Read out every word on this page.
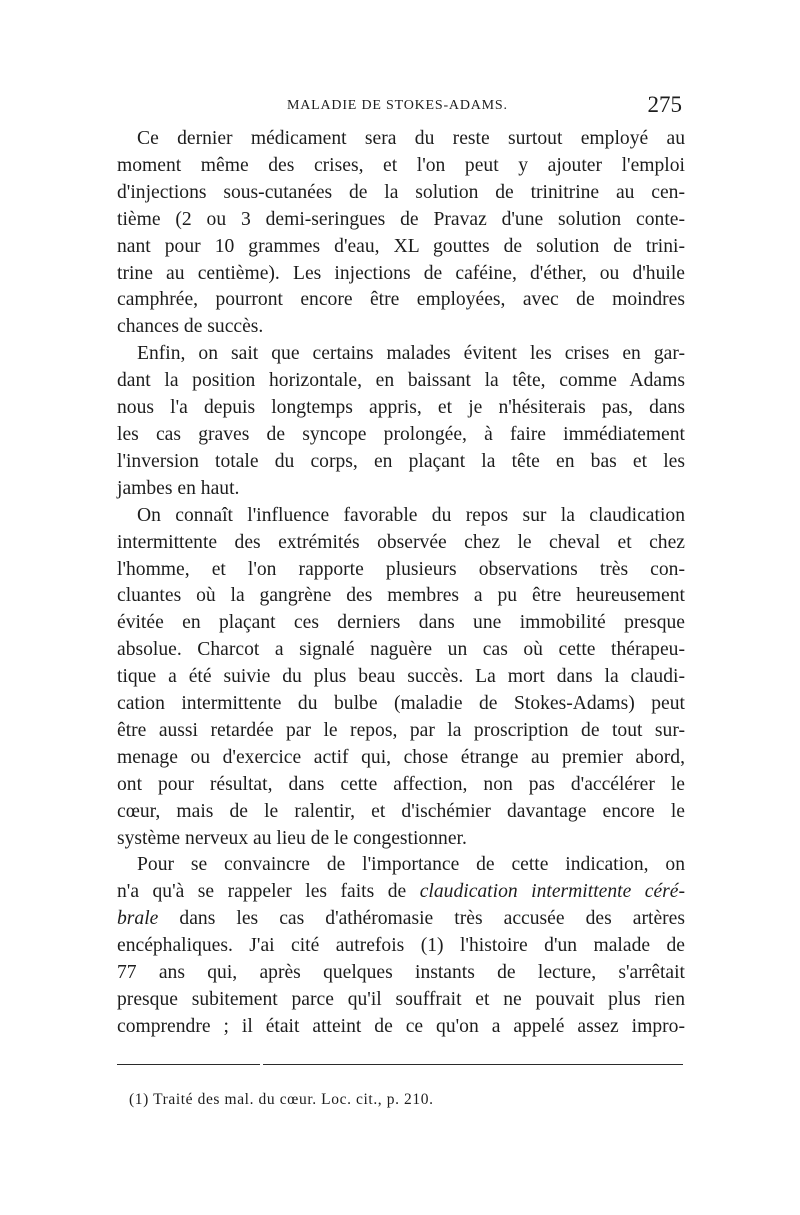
MALADIE DE STOKES-ADAMS.	275
Ce dernier médicament sera du reste surtout employé au
moment même des crises, et l'on peut y ajouter l'emploi
d'injections sous-cutanées de la solution de trinitrine au cen-
tième (2 ou 3 demi-seringues de Pravaz d'une solution conte-
nant pour 10 grammes d'eau, XL gouttes de solution de trini-
trine au centième). Les injections de caféine, d'éther, ou d'huile
camphrée, pourront encore être employées, avec de moindres
chances de succès.
Enfin, on sait que certains malades évitent les crises en gar-
dant la position horizontale, en baissant la tête, comme Adams
nous l'a depuis longtemps appris, et je n'hésiterais pas, dans
les cas graves de syncope prolongée, à faire immédiatement
l'inversion totale du corps, en plaçant la tête en bas et les
jambes en haut.
On connaît l'influence favorable du repos sur la claudication
intermittente des extrémités observée chez le cheval et chez
l'homme, et l'on rapporte plusieurs observations très con-
cluantes où la gangrène des membres a pu être heureusement
évitée en plaçant ces derniers dans une immobilité presque
absolue. Charcot a signalé naguère un cas où cette thérapeu-
tique a été suivie du plus beau succès. La mort dans la claudi-
cation intermittente du bulbe (maladie de Stokes-Adams) peut
être aussi retardée par le repos, par la proscription de tout sur-
menage ou d'exercice actif qui, chose étrange au premier abord,
ont pour résultat, dans cette affection, non pas d'accélérer le
cœur, mais de le ralentir, et d'ischémier davantage encore le
système nerveux au lieu de le congestionner.
Pour se convaincre de l'importance de cette indication, on
n'a qu'à se rappeler les faits de claudication intermittente céré-
brale dans les cas d'athéromasie très accusée des artères
encéphaliques. J'ai cité autrefois (1) l'histoire d'un malade de
77 ans qui, après quelques instants de lecture, s'arrêtait
presque subitement parce qu'il souffrait et ne pouvait plus rien
comprendre ; il était atteint de ce qu'on a appelé assez impro-
(1) Traité des mal. du cœur. Loc. cit., p. 210.
